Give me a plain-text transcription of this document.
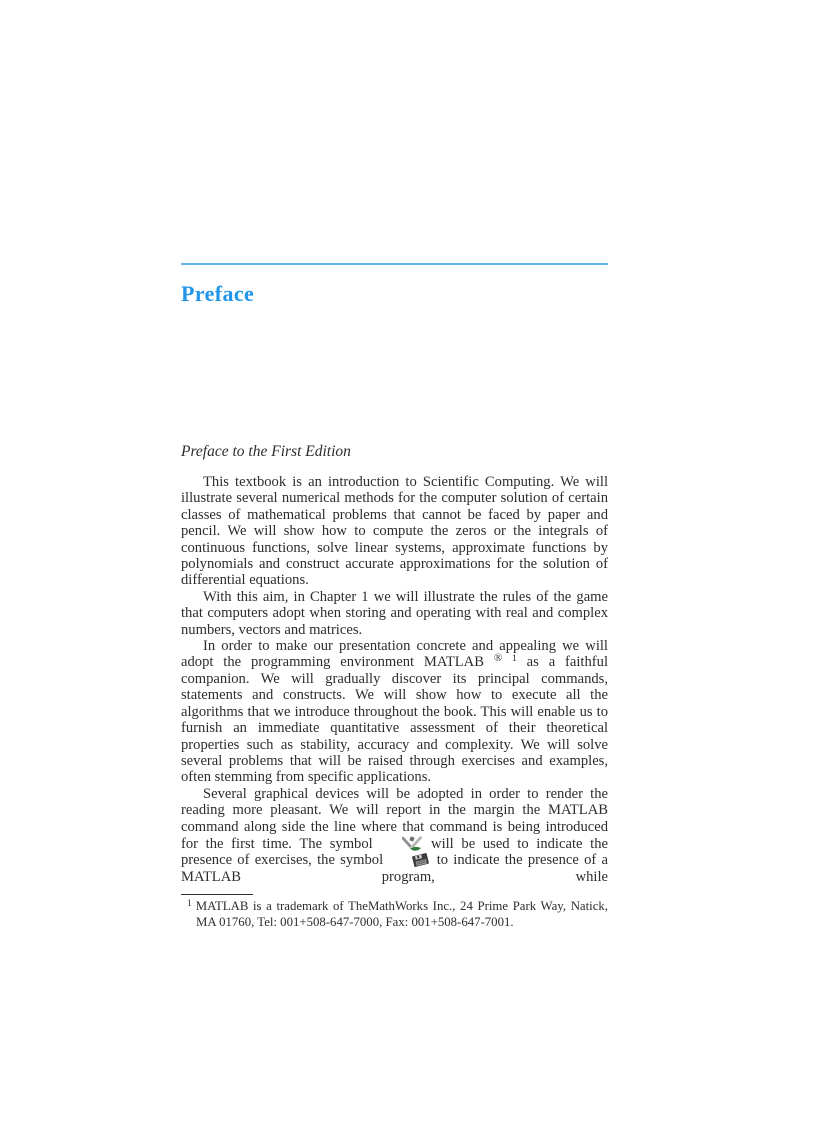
Preface
Preface to the First Edition

This textbook is an introduction to Scientific Computing. We will illustrate several numerical methods for the computer solution of certain classes of mathematical problems that cannot be faced by paper and pencil. We will show how to compute the zeros or the integrals of continuous functions, solve linear systems, approximate functions by polynomials and construct accurate approximations for the solution of differential equations.

With this aim, in Chapter 1 we will illustrate the rules of the game that computers adopt when storing and operating with real and complex numbers, vectors and matrices.

In order to make our presentation concrete and appealing we will adopt the programming environment MATLAB ® $^1$ as a faithful companion. We will gradually discover its principal commands, statements and constructs. We will show how to execute all the algorithms that we introduce throughout the book. This will enable us to furnish an immediate quantitative assessment of their theoretical properties such as stability, accuracy and complexity. We will solve several problems that will be raised through exercises and examples, often stemming from specific applications.

Several graphical devices will be adopted in order to render the reading more pleasant. We will report in the margin the MATLAB command along side the line where that command is being introduced for the first time. The symbol	will be used to indicate the presence of exercises, the symbol	to indicate the presence of a MATLAB program, while

$^1$ MATLAB is a trademark of TheMathWorks Inc., 24 Prime Park Way, Natick, MA 01760, Tel: 001+508-647-7000, Fax: 001+508-647-7001.
